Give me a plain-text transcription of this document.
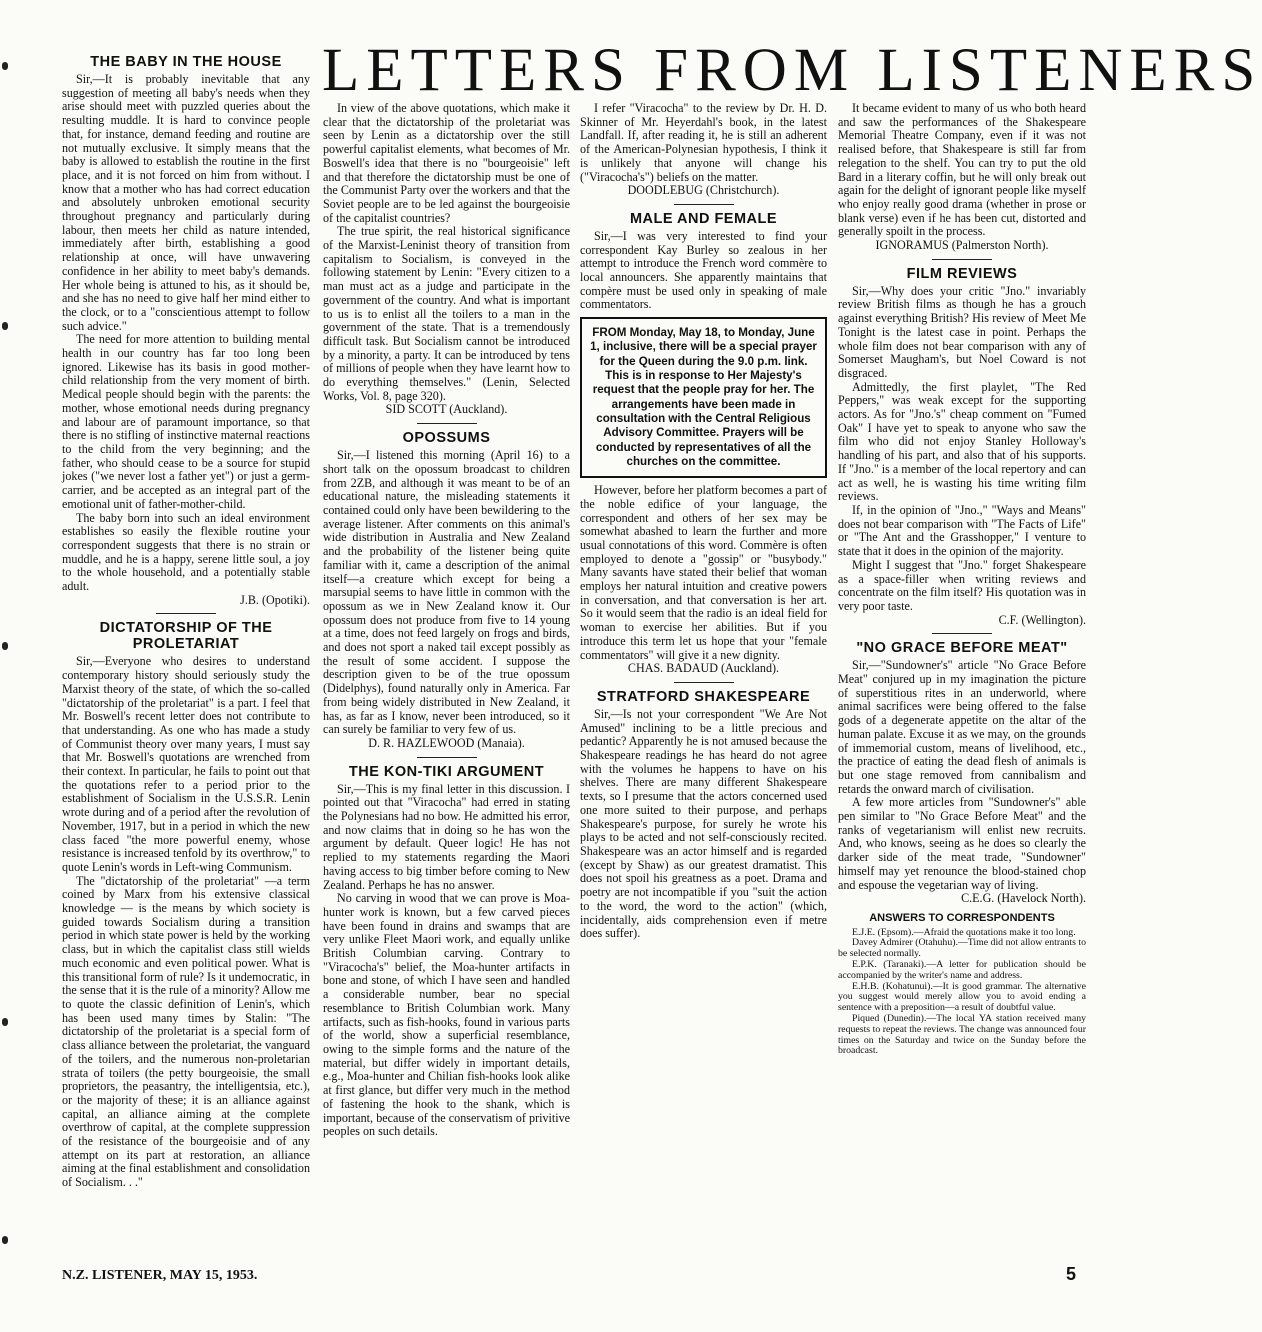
LETTERS FROM LISTENERS
THE BABY IN THE HOUSE

Sir,—It is probably inevitable that any suggestion of meeting all baby's needs when they arise should meet with puzzled queries about the resulting muddle. It is hard to convince people that, for instance, demand feeding and routine are not mutually exclusive. It simply means that the baby is allowed to establish the routine in the first place, and it is not forced on him from without. I know that a mother who has had correct education and absolutely unbroken emotional security throughout pregnancy and particularly during labour, then meets her child as nature intended, immediately after birth, establishing a good relationship at once, will have unwavering confidence in her ability to meet baby's demands. Her whole being is attuned to his, as it should be, and she has no need to give half her mind either to the clock, or to a "conscientious attempt to follow such advice."

The need for more attention to building mental health in our country has far too long been ignored. Likewise has its basis in good mother-child relationship from the very moment of birth. Medical people should begin with the parents: the mother, whose emotional needs during pregnancy and labour are of paramount importance, so that there is no stifling of instinctive maternal reactions to the child from the very beginning; and the father, who should cease to be a source for stupid jokes ("we never lost a father yet") or just a germ-carrier, and be accepted as an integral part of the emotional unit of father-mother-child.

The baby born into such an ideal environment establishes so easily the flexible routine your correspondent suggests that there is no strain or muddle, and he is a happy, serene little soul, a joy to the whole household, and a potentially stable adult.

J.B. (Opotiki).

DICTATORSHIP OF THE PROLETARIAT

Sir,—Everyone who desires to understand contemporary history should seriously study the Marxist theory of the state, of which the so-called "dictatorship of the proletariat" is a part. I feel that Mr. Boswell's recent letter does not contribute to that understanding. As one who has made a study of Communist theory over many years, I must say that Mr. Boswell's quotations are wrenched from their context. In particular, he fails to point out that the quotations refer to a period prior to the establishment of Socialism in the U.S.S.R. Lenin wrote during and of a period after the revolution of November, 1917, but in a period in which the new class faced "the more powerful enemy, whose resistance is increased tenfold by its overthrow," to quote Lenin's words in Left-wing Communism.

The "dictatorship of the proletariat" —a term coined by Marx from his extensive classical knowledge — is the means by which society is guided towards Socialism during a transition period in which state power is held by the working class, but in which the capitalist class still wields much economic and even political power. What is this transitional form of rule? Is it undemocratic, in the sense that it is the rule of a minority? Allow me to quote the classic definition of Lenin's, which has been used many times by Stalin: "The dictatorship of the proletariat is a special form of class alliance between the proletariat, the vanguard of the toilers, and the numerous non-proletarian strata of toilers (the petty bourgeoisie, the small proprietors, the peasantry, the intelligentsia, etc.), or the majority of these; it is an alliance against capital, an alliance aiming at the complete overthrow of capital, at the complete suppression of the resistance of the bourgeoisie and of any attempt on its part at restoration, an alliance aiming at the final establishment and consolidation of Socialism. . ."

In view of the above quotations, which make it clear that the dictatorship of the proletariat was seen by Lenin as a dictatorship over the still powerful capitalist elements, what becomes of Mr. Boswell's idea that there is no "bourgeoisie" left and that therefore the dictatorship must be one of the Communist Party over the workers and that the Soviet people are to be led against the bourgeoisie of the capitalist countries?

The true spirit, the real historical significance of the Marxist-Leninist theory of transition from capitalism to Socialism, is conveyed in the following statement by Lenin: "Every citizen to a man must act as a judge and participate in the government of the country. And what is important to us is to enlist all the toilers to a man in the government of the state. That is a tremendously difficult task. But Socialism cannot be introduced by a minority, a party. It can be introduced by tens of millions of people when they have learnt how to do everything themselves." (Lenin, Selected Works, Vol. 8, page 320).

SID SCOTT (Auckland).

OPOSSUMS

Sir,—I listened this morning (April 16) to a short talk on the opossum broadcast to children from 2ZB, and although it was meant to be of an educational nature, the misleading statements it contained could only have been bewildering to the average listener. After comments on this animal's wide distribution in Australia and New Zealand and the probability of the listener being quite familiar with it, came a description of the animal itself—a creature which except for being a marsupial seems to have little in common with the opossum as we in New Zealand know it. Our opossum does not produce from five to 14 young at a time, does not feed largely on frogs and birds, and does not sport a naked tail except possibly as the result of some accident. I suppose the description given to be of the true opossum (Didelphys), found naturally only in America. Far from being widely distributed in New Zealand, it has, as far as I know, never been introduced, so it can surely be familiar to very few of us.

D. R. HAZLEWOOD (Manaia).

THE KON-TIKI ARGUMENT

Sir,—This is my final letter in this discussion. I pointed out that "Viracocha" had erred in stating the Polynesians had no bow. He admitted his error, and now claims that in doing so he has won the argument by default. Queer logic! He has not replied to my statements regarding the Maori having access to big timber before coming to New Zealand. Perhaps he has no answer.

No carving in wood that we can prove is Moa-hunter work is known, but a few carved pieces have been found in drains and swamps that are very unlike Fleet Maori work, and equally unlike British Columbian carving. Contrary to "Viracocha's" belief, the Moa-hunter artifacts in bone and stone, of which I have seen and handled a considerable number, bear no special resemblance to British Columbian work. Many artifacts, such as fish-hooks, found in various parts of the world, show a superficial resemblance, owing to the simple forms and the nature of the material, but differ widely in important details, e.g., Moa-hunter and Chilian fish-hooks look alike at first glance, but differ very much in the method of fastening the hook to the shank, which is important, because of the conservatism of privitive peoples on such details.

I refer "Viracocha" to the review by Dr. H. D. Skinner of Mr. Heyerdahl's book, in the latest Landfall. If, after reading it, he is still an adherent of the American-Polynesian hypothesis, I think it is unlikely that anyone will change his ("Viracocha's") beliefs on the matter.

DOODLEBUG (Christchurch).

MALE AND FEMALE

Sir,—I was very interested to find your correspondent Kay Burley so zealous in her attempt to introduce the French word commère to local announcers. She apparently maintains that compère must be used only in speaking of male commentators.

FROM Monday, May 18, to Monday, June 1, inclusive, there will be a special prayer for the Queen during the 9.0 p.m. link. This is in response to Her Majesty's request that the people pray for her. The arrangements have been made in consultation with the Central Religious Advisory Committee. Prayers will be conducted by representatives of all the churches on the committee.

However, before her platform becomes a part of the noble edifice of your language, the correspondent and others of her sex may be somewhat abashed to learn the further and more usual connotations of this word. Commère is often employed to denote a "gossip" or "busybody." Many savants have stated their belief that woman employs her natural intuition and creative powers in conversation, and that conversation is her art. So it would seem that the radio is an ideal field for woman to exercise her abilities. But if you introduce this term let us hope that your "female commentators" will give it a new dignity.

CHAS. BADAUD (Auckland).

STRATFORD SHAKESPEARE

Sir,—Is not your correspondent "We Are Not Amused" inclining to be a little precious and pedantic? Apparently he is not amused because the Shakespeare readings he has heard do not agree with the volumes he happens to have on his shelves. There are many different Shakespeare texts, so I presume that the actors concerned used one more suited to their purpose, and perhaps Shakespeare's purpose, for surely he wrote his plays to be acted and not self-consciously recited. Shakespeare was an actor himself and is regarded (except by Shaw) as our greatest dramatist. This does not spoil his greatness as a poet. Drama and poetry are not incompatible if you "suit the action to the word, the word to the action" (which, incidentally, aids comprehension even if metre does suffer).

It became evident to many of us who both heard and saw the performances of the Shakespeare Memorial Theatre Company, even if it was not realised before, that Shakespeare is still far from relegation to the shelf. You can try to put the old Bard in a literary coffin, but he will only break out again for the delight of ignorant people like myself who enjoy really good drama (whether in prose or blank verse) even if he has been cut, distorted and generally spoilt in the process.

IGNORAMUS (Palmerston North).

FILM REVIEWS

Sir,—Why does your critic "Jno." invariably review British films as though he has a grouch against everything British? His review of Meet Me Tonight is the latest case in point. Perhaps the whole film does not bear comparison with any of Somerset Maugham's, but Noel Coward is not disgraced.

Admittedly, the first playlet, "The Red Peppers," was weak except for the supporting actors. As for "Jno.'s" cheap comment on "Fumed Oak" I have yet to speak to anyone who saw the film who did not enjoy Stanley Holloway's handling of his part, and also that of his supports. If "Jno." is a member of the local repertory and can act as well, he is wasting his time writing film reviews.

If, in the opinion of "Jno.," "Ways and Means" does not bear comparison with "The Facts of Life" or "The Ant and the Grasshopper," I venture to state that it does in the opinion of the majority.

Might I suggest that "Jno." forget Shakespeare as a space-filler when writing reviews and concentrate on the film itself? His quotation was in very poor taste.

C.F. (Wellington).

"NO GRACE BEFORE MEAT"

Sir,—"Sundowner's" article "No Grace Before Meat" conjured up in my imagination the picture of superstitious rites in an underworld, where animal sacrifices were being offered to the false gods of a degenerate appetite on the altar of the human palate. Excuse it as we may, on the grounds of immemorial custom, means of livelihood, etc., the practice of eating the dead flesh of animals is but one stage removed from cannibalism and retards the onward march of civilisation.

A few more articles from "Sundowner's" able pen similar to "No Grace Before Meat" and the ranks of vegetarianism will enlist new recruits. And, who knows, seeing as he does so clearly the darker side of the meat trade, "Sundowner" himself may yet renounce the blood-stained chop and espouse the vegetarian way of living.

C.E.G. (Havelock North).

ANSWERS TO CORRESPONDENTS

E.J.E. (Epsom).—Afraid the quotations make it too long.

Davey Admirer (Otahuhu).—Time did not allow entrants to be selected normally.

E.P.K. (Taranaki).—A letter for publication should be accompanied by the writer's name and address.

E.H.B. (Kohatunui).—It is good grammar. The alternative you suggest would merely allow you to avoid ending a sentence with a preposition—a result of doubtful value.

Piqued (Dunedin).—The local YA station received many requests to repeat the reviews. The change was announced four times on the Saturday and twice on the Sunday before the broadcast.

N.Z. LISTENER, MAY 15, 1953.	5
